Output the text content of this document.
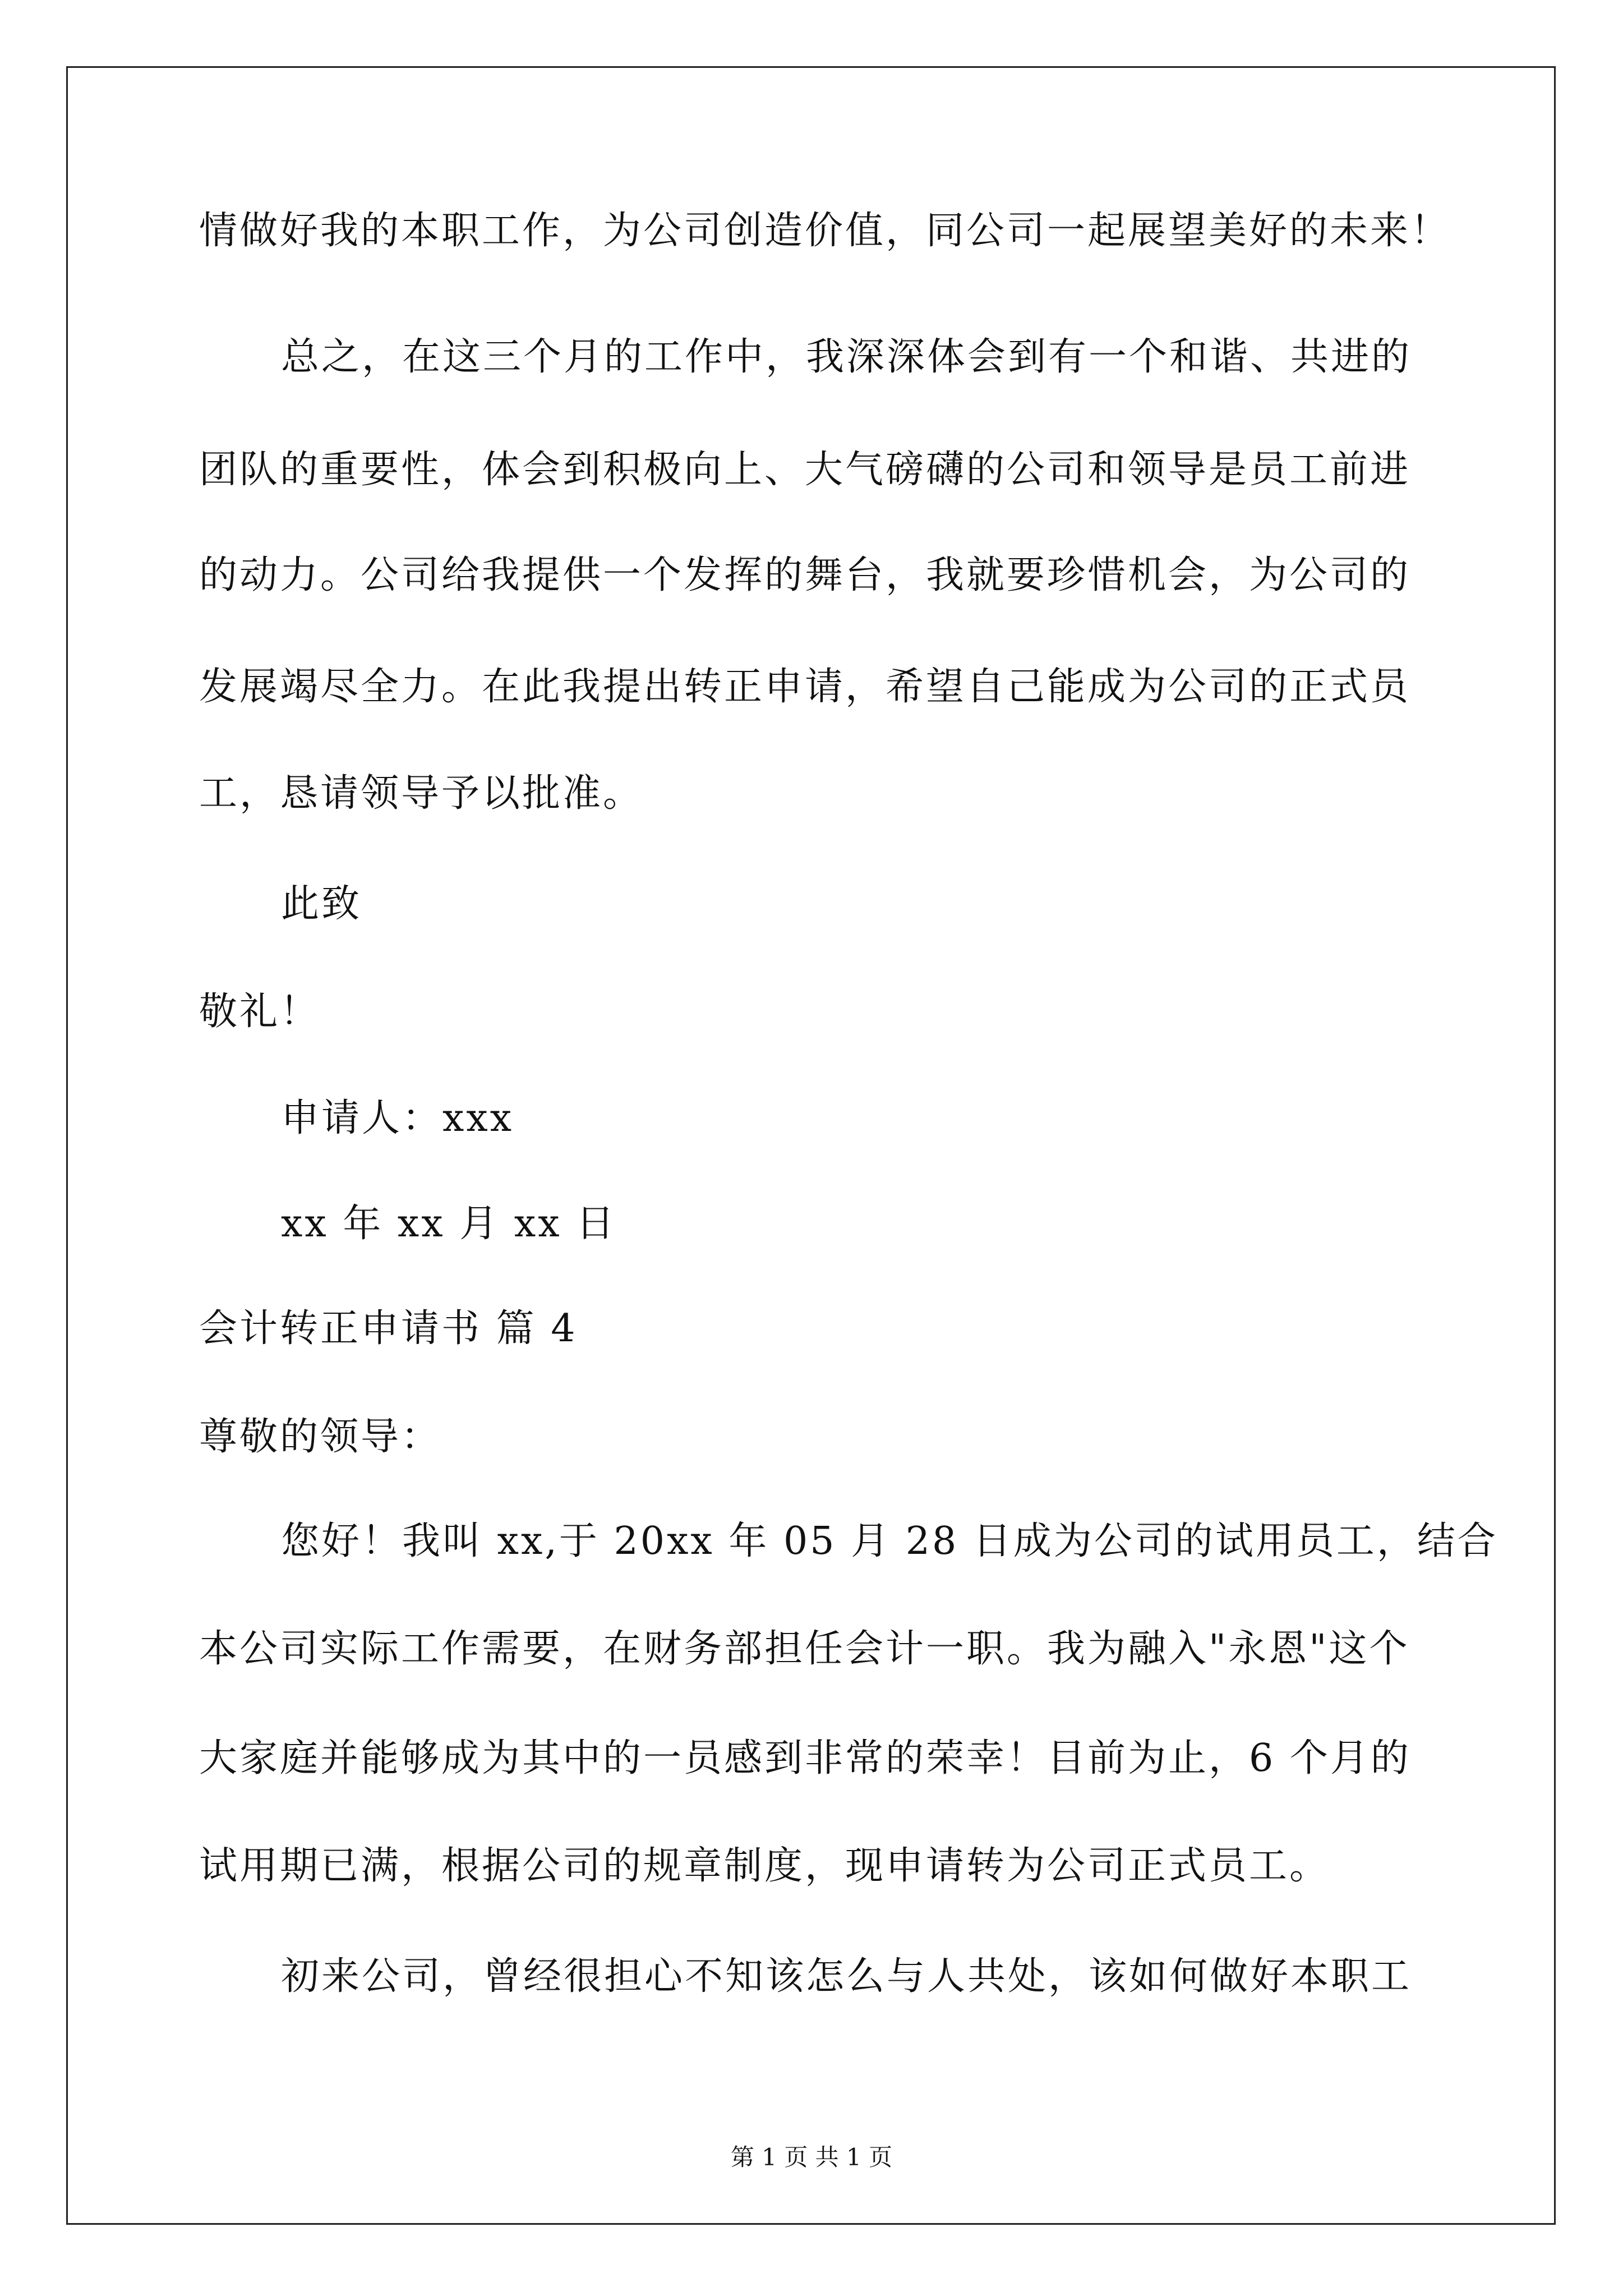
情做好我的本职工作，为公司创造价值，同公司一起展望美好的未来！
总之，在这三个月的工作中，我深深体会到有一个和谐、共进的
团队的重要性，体会到积极向上、大气磅礴的公司和领导是员工前进
的动力。公司给我提供一个发挥的舞台，我就要珍惜机会，为公司的
发展竭尽全力。在此我提出转正申请，希望自己能成为公司的正式员
工，恳请领导予以批准。
此致
敬礼！
申请人：xxx
xx 年 xx 月 xx 日
会计转正申请书 篇 4
尊敬的领导：
您好！我叫 xx,于 20xx 年 05 月 28 日成为公司的试用员工，结合
本公司实际工作需要，在财务部担任会计一职。我为融入"永恩"这个
大家庭并能够成为其中的一员感到非常的荣幸！目前为止，6 个月的
试用期已满，根据公司的规章制度，现申请转为公司正式员工。
初来公司，曾经很担心不知该怎么与人共处，该如何做好本职工
第 1 页 共 1 页
